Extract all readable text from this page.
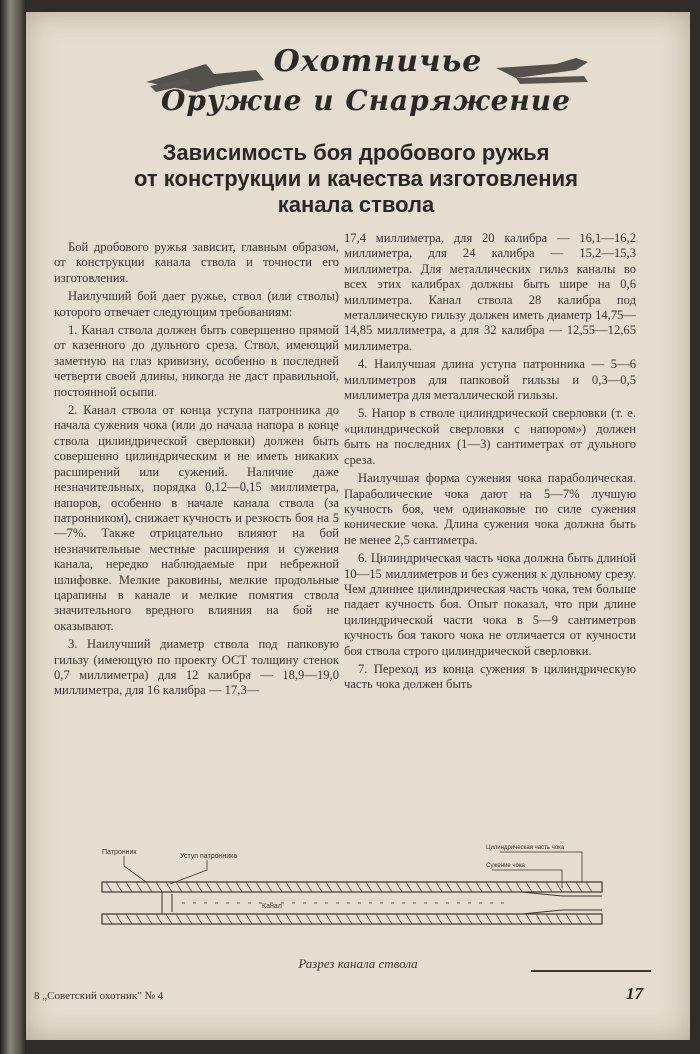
Охотничье
Оружие и Снаряжение
Зависимость боя дробового ружья
от конструкции и качества изготовления
канала ствола

Бой дробового ружья зависит, главным образом, от конструкции канала ствола и точности его изготовления.

Наилучший бой дает ружье, ствол (или стволы) которого отвечает следующим требованиям:

1. Канал ствола должен быть совершенно прямой от казенного до дульного среза. Ствол, имеющий заметную на глаз кривизну, особенно в последней четверти своей длины, никогда не даст правильной, постоянной осыпи.

2. Канал ствола от конца уступа патронника до начала сужения чока (или до начала напора в конце ствола цилиндрической сверловки) должен быть совершенно цилиндрическим и не иметь никаких расширений или сужений. Наличие даже незначительных, порядка 0,12—0,15 миллиметра, напоров, особенно в начале канала ствола (за патронником), снижает кучность и резкость боя на 5—7%. Также отрицательно влияют на бой незначительные местные расширения и сужения канала, нередко наблюдаемые при небрежной шлифовке. Мелкие раковины, мелкие продольные царапины в канале и мелкие помятия ствола значительного вредного влияния на бой не оказывают.

3. Наилучший диаметр ствола под папковую гильзу (имеющую по проекту ОСТ толщину стенок 0,7 миллиметра) для 12 калибра — 18,9—19,0 миллиметра, для 16 калибра — 17,3—

17,4 миллиметра, для 20 калибра — 16,1—16,2 миллиметра, для 24 калибра — 15,2—15,3 миллиметра. Для металлических гильз каналы во всех этих калибрах должны быть шире на 0,6 миллиметра. Канал ствола 28 калибра под металлическую гильзу должен иметь диаметр 14,75—14,85 миллиметра, а для 32 калибра — 12,55—12,65 миллиметра.

4. Наилучшая длина уступа патронника — 5—6 миллиметров для папковой гильзы и 0,3—0,5 миллиметра для металлической гильзы.

5. Напор в стволе цилиндрической сверловки (т. е. «цилиндрической сверловки с напором») должен быть на последних (1—3) сантиметрах от дульного среза.

Наилучшая форма сужения чока параболическая. Параболические чока дают на 5—7% лучшую кучность боя, чем одинаковые по силе сужения конические чока. Длина сужения чока должна быть не менее 2,5 сантиметра.

6. Цилиндрическая часть чока должна быть длиной 10—15 миллиметров и без сужения к дульному срезу. Чем длиннее цилиндрическая часть чока, тем больше падает кучность боя. Опыт показал, что при длине цилиндрической части чока в 5—9 сантиметров кучность боя такого чока не отличается от кучности боя ствола строго цилиндрической сверловки.

7. Переход из конца сужения в цилиндрическую часть чока должен быть

Патронник
Уступ патронника
Канал
Цилиндрическая часть чока
Сужение чока
Разрез канала ствола
8 „Советский охотник" № 4	17
